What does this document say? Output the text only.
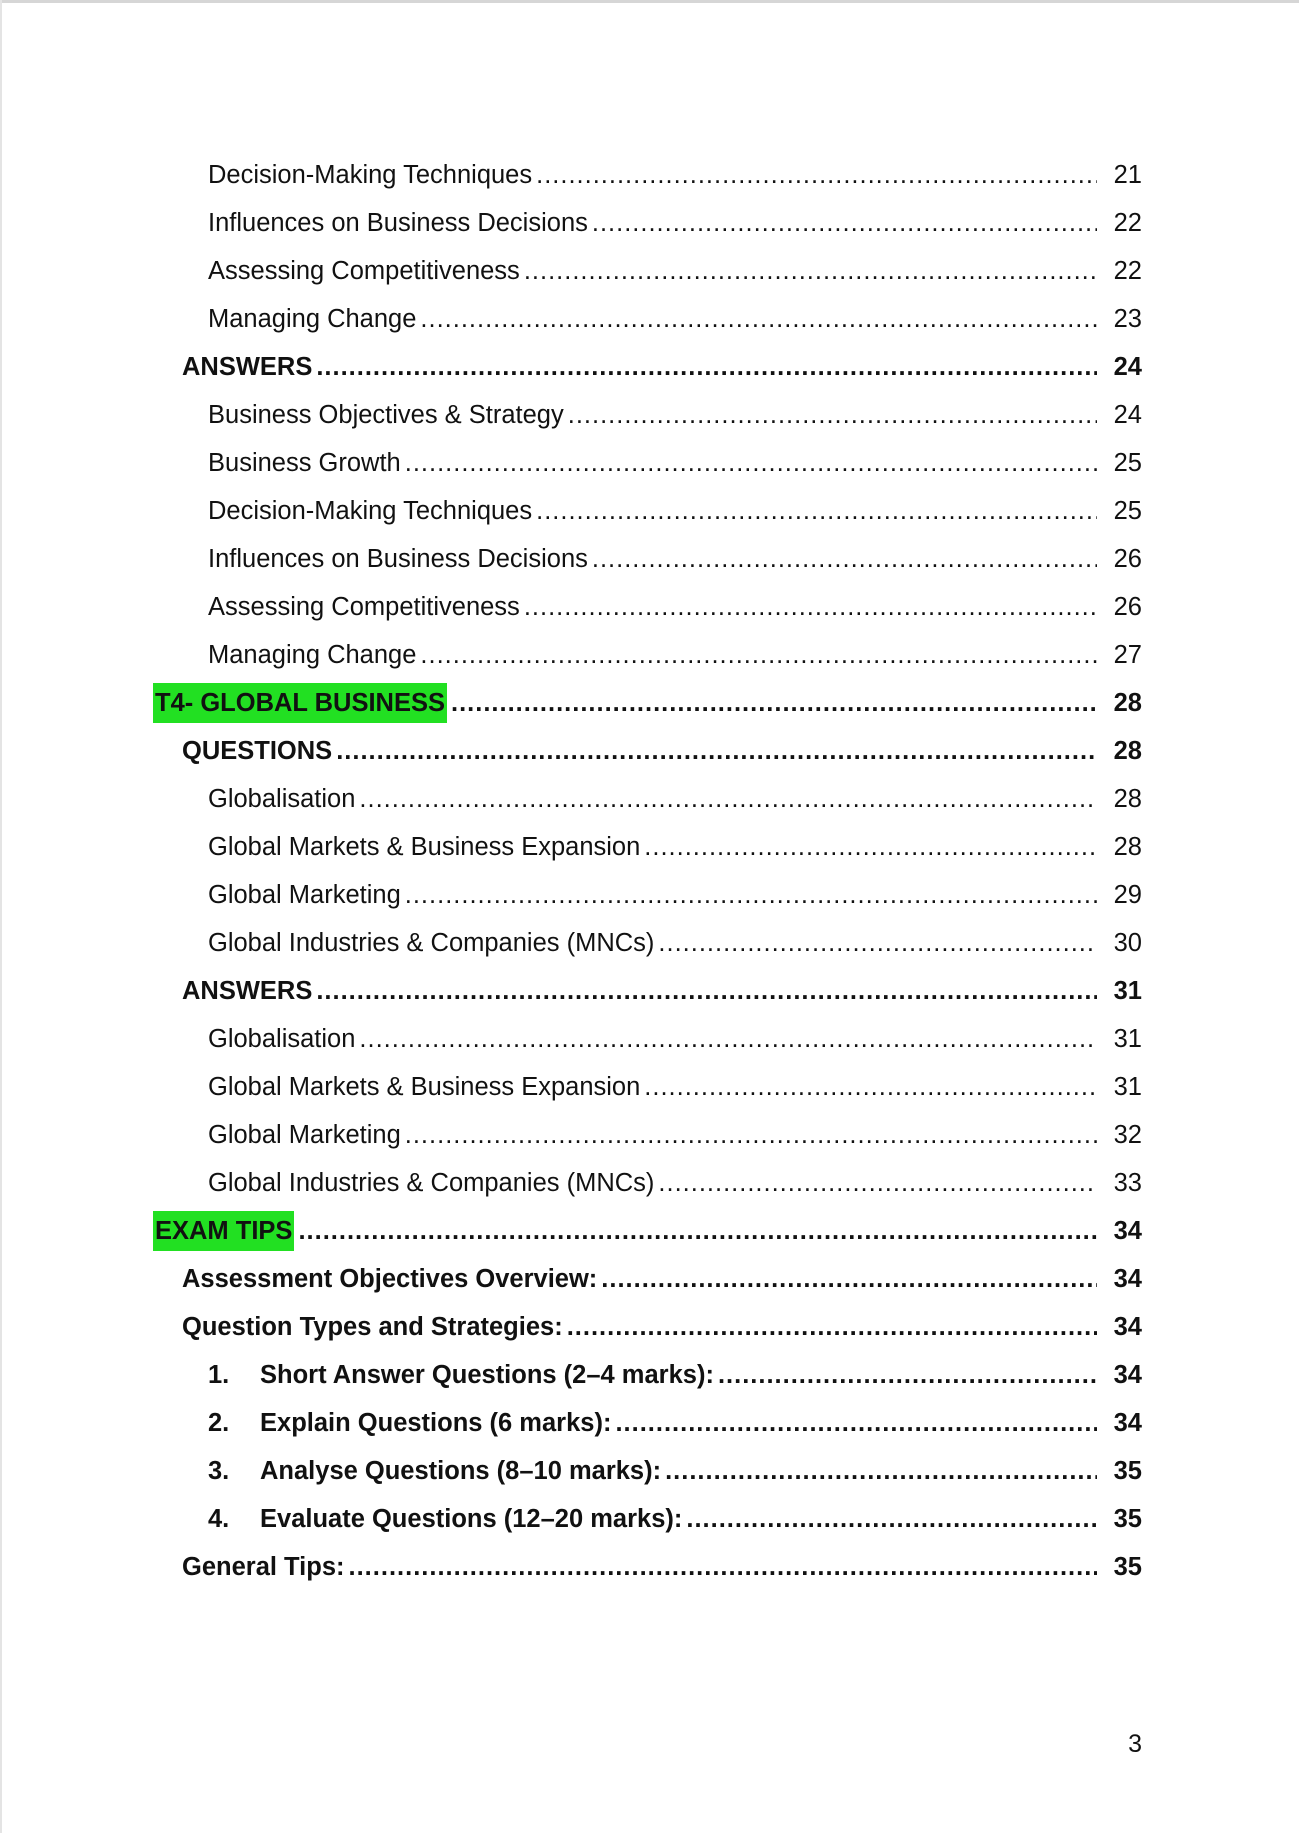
Decision-Making Techniques .....	21
Influences on Business Decisions .....	22
Assessing Competitiveness .....	22
Managing Change .....	23
ANSWERS .....	24
Business Objectives & Strategy .....	24
Business Growth .....	25
Decision-Making Techniques .....	25
Influences on Business Decisions .....	26
Assessing Competitiveness .....	26
Managing Change .....	27
T4- GLOBAL BUSINESS .....	28
QUESTIONS .....	28
Globalisation .....	28
Global Markets & Business Expansion .....	28
Global Marketing .....	29
Global Industries & Companies (MNCs) .....	30
ANSWERS .....	31
Globalisation .....	31
Global Markets & Business Expansion .....	31
Global Marketing .....	32
Global Industries & Companies (MNCs) .....	33
EXAM TIPS .....	34
Assessment Objectives Overview: .....	34
Question Types and Strategies: .....	34
1.	Short Answer Questions (2–4 marks): .....	34
2.	Explain Questions (6 marks): .....	34
3.	Analyse Questions (8–10 marks): .....	35
4.	Evaluate Questions (12–20 marks): .....	35
General Tips: .....	35
3
